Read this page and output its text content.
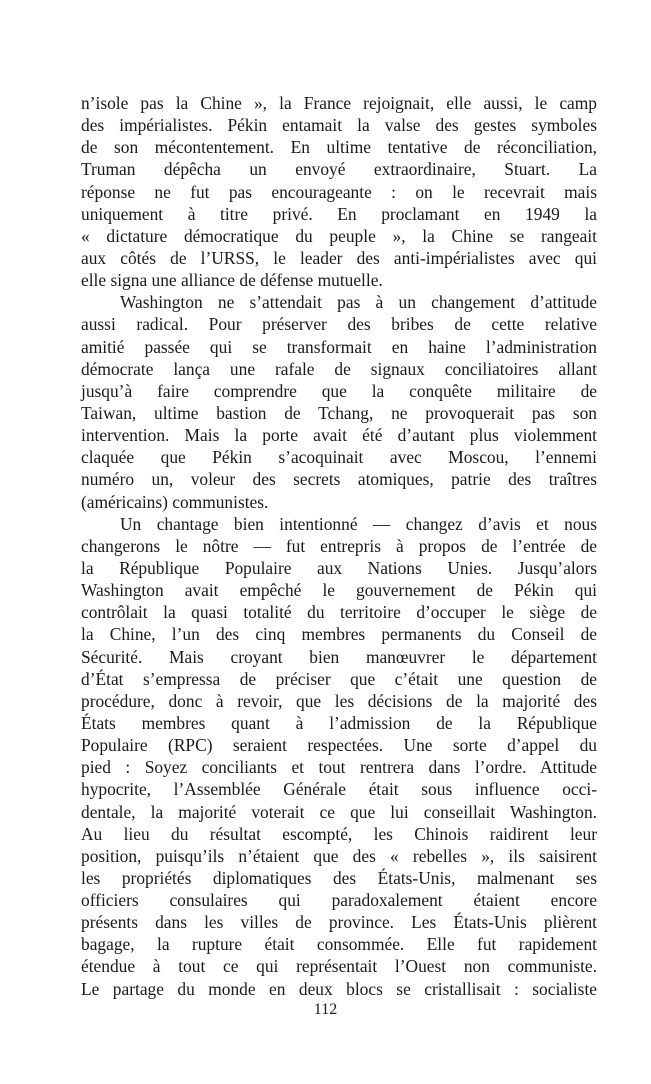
n’isole pas la Chine », la France rejoignait, elle aussi, le camp
des impérialistes. Pékin entamait la valse des gestes symboles
de son mécontentement. En ultime tentative de réconciliation,
Truman dépêcha un envoyé extraordinaire, Stuart. La
réponse ne fut pas encourageante : on le recevrait mais
uniquement à titre privé. En proclamant en 1949 la
« dictature démocratique du peuple », la Chine se rangeait
aux côtés de l’URSS, le leader des anti-impérialistes avec qui
elle signa une alliance de défense mutuelle.
Washington ne s’attendait pas à un changement d’attitude
aussi radical. Pour préserver des bribes de cette relative
amitié passée qui se transformait en haine l’administration
démocrate lança une rafale de signaux conciliatoires allant
jusqu’à faire comprendre que la conquête militaire de
Taiwan, ultime bastion de Tchang, ne provoquerait pas son
intervention. Mais la porte avait été d’autant plus violemment
claquée que Pékin s’acoquinait avec Moscou, l’ennemi
numéro un, voleur des secrets atomiques, patrie des traîtres
(américains) communistes.
Un chantage bien intentionné — changez d’avis et nous
changerons le nôtre — fut entrepris à propos de l’entrée de
la République Populaire aux Nations Unies. Jusqu’alors
Washington avait empêché le gouvernement de Pékin qui
contrôlait la quasi totalité du territoire d’occuper le siège de
la Chine, l’un des cinq membres permanents du Conseil de
Sécurité. Mais croyant bien manœuvrer le département
d’État s’empressa de préciser que c’était une question de
procédure, donc à revoir, que les décisions de la majorité des
États membres quant à l’admission de la République
Populaire (RPC) seraient respectées. Une sorte d’appel du
pied : Soyez conciliants et tout rentrera dans l’ordre. Attitude
hypocrite, l’Assemblée Générale était sous influence occi-
dentale, la majorité voterait ce que lui conseillait Washington.
Au lieu du résultat escompté, les Chinois raidirent leur
position, puisqu’ils n’étaient que des « rebelles », ils saisirent
les propriétés diplomatiques des États-Unis, malmenant ses
officiers consulaires qui paradoxalement étaient encore
présents dans les villes de province. Les États-Unis plièrent
bagage, la rupture était consommée. Elle fut rapidement
étendue à tout ce qui représentait l’Ouest non communiste.
Le partage du monde en deux blocs se cristallisait : socialiste
112
